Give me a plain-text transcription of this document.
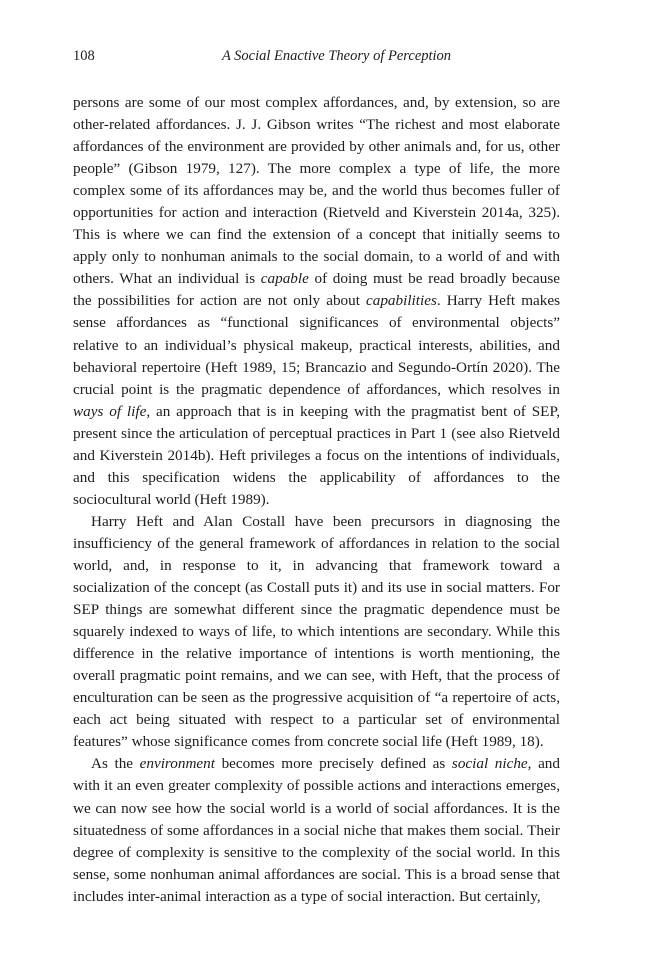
108	A Social Enactive Theory of Perception

persons are some of our most complex affordances, and, by extension, so are other-related affordances. J. J. Gibson writes “The richest and most elaborate affordances of the environment are provided by other animals and, for us, other people” (Gibson 1979, 127). The more complex a type of life, the more complex some of its affordances may be, and the world thus becomes fuller of opportunities for action and interaction (Rietveld and Kiverstein 2014a, 325). This is where we can find the extension of a concept that initially seems to apply only to nonhuman animals to the social domain, to a world of and with others. What an individual is capable of doing must be read broadly because the possibilities for action are not only about capabilities. Harry Heft makes sense affordances as “functional significances of environmental objects” relative to an individual’s physical makeup, practical interests, abilities, and behavioral repertoire (Heft 1989, 15; Brancazio and Segundo-Ortín 2020). The crucial point is the pragmatic dependence of affordances, which resolves in ways of life, an approach that is in keeping with the pragmatist bent of SEP, present since the articulation of perceptual practices in Part 1 (see also Rietveld and Kiverstein 2014b). Heft privileges a focus on the intentions of individuals, and this specification widens the applicability of affordances to the sociocultural world (Heft 1989).

Harry Heft and Alan Costall have been precursors in diagnosing the insufficiency of the general framework of affordances in relation to the social world, and, in response to it, in advancing that framework toward a socialization of the concept (as Costall puts it) and its use in social matters. For SEP things are somewhat different since the pragmatic dependence must be squarely indexed to ways of life, to which intentions are secondary. While this difference in the relative importance of intentions is worth mentioning, the overall pragmatic point remains, and we can see, with Heft, that the process of enculturation can be seen as the progressive acquisition of “a repertoire of acts, each act being situated with respect to a particular set of environmental features” whose significance comes from concrete social life (Heft 1989, 18).

As the environment becomes more precisely defined as social niche, and with it an even greater complexity of possible actions and interactions emerges, we can now see how the social world is a world of social affordances. It is the situatedness of some affordances in a social niche that makes them social. Their degree of complexity is sensitive to the complexity of the social world. In this sense, some nonhuman animal affordances are social. This is a broad sense that includes inter-animal interaction as a type of social interaction. But certainly,
